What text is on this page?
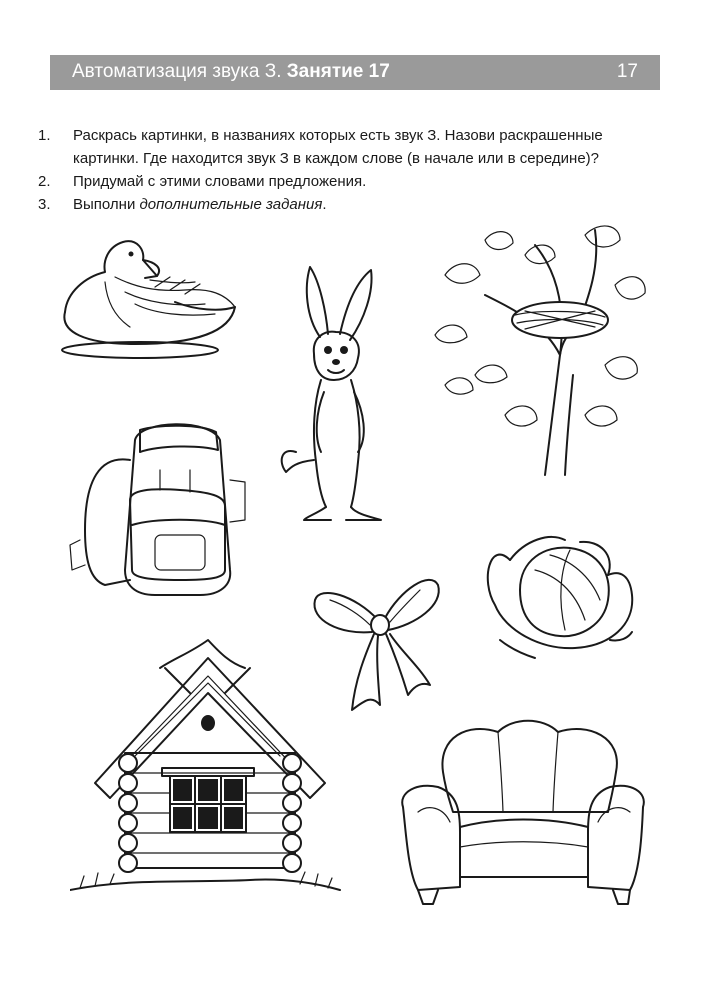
Автоматизация звука З. Занятие 17	17
1.	Раскрась картинки, в названиях которых есть звук З. Назови раскрашенные картинки. Где находится звук З в каждом слове (в начале или в середине)?
2.	Придумай с этими словами предложения.
3.	Выполни дополнительные задания.
